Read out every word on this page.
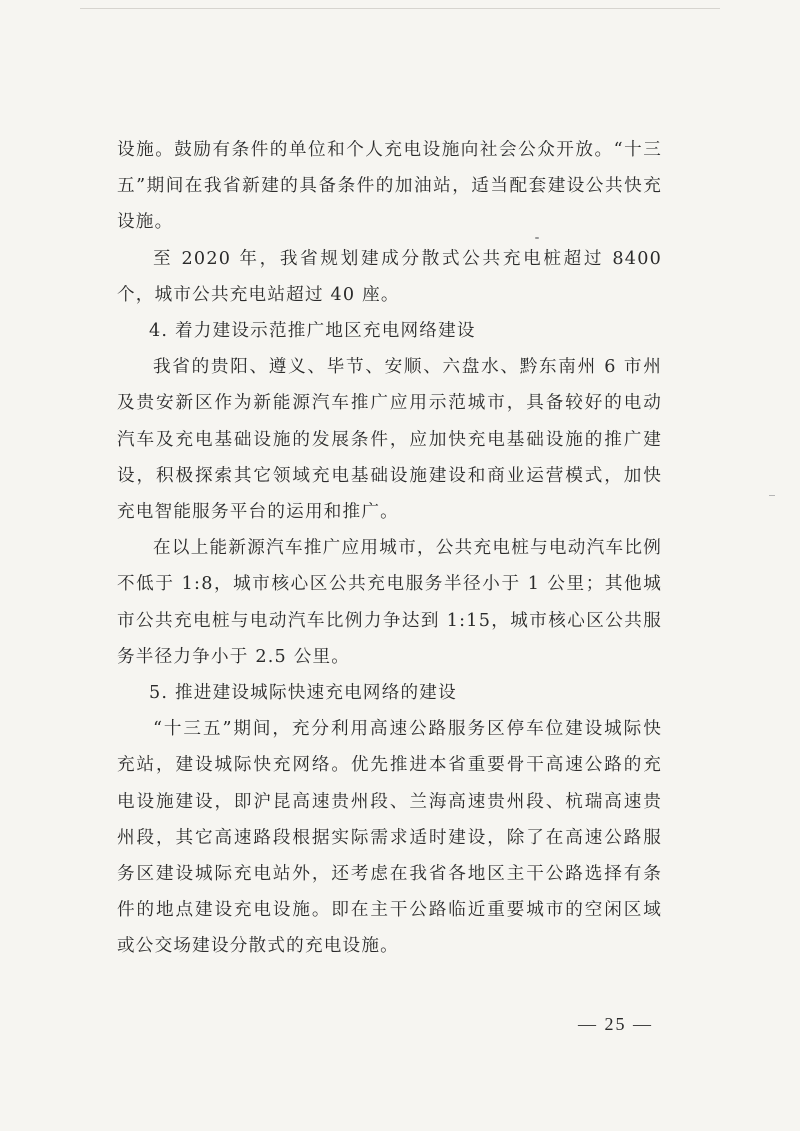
设施。鼓励有条件的单位和个人充电设施向社会公众开放。“十三五”期间在我省新建的具备条件的加油站，适当配套建设公共快充设施。

至 2020 年，我省规划建成分散式公共充电桩超过 8400 个，城市公共充电站超过 40 座。

4. 着力建设示范推广地区充电网络建设

我省的贵阳、遵义、毕节、安顺、六盘水、黔东南州 6 市州及贵安新区作为新能源汽车推广应用示范城市，具备较好的电动汽车及充电基础设施的发展条件，应加快充电基础设施的推广建设，积极探索其它领域充电基础设施建设和商业运营模式，加快充电智能服务平台的运用和推广。

在以上能新源汽车推广应用城市，公共充电桩与电动汽车比例不低于 1:8，城市核心区公共充电服务半径小于 1 公里；其他城市公共充电桩与电动汽车比例力争达到 1:15，城市核心区公共服务半径力争小于 2.5 公里。

5. 推进建设城际快速充电网络的建设

“十三五”期间，充分利用高速公路服务区停车位建设城际快充站，建设城际快充网络。优先推进本省重要骨干高速公路的充电设施建设，即沪昆高速贵州段、兰海高速贵州段、杭瑞高速贵州段，其它高速路段根据实际需求适时建设，除了在高速公路服务区建设城际充电站外，还考虑在我省各地区主干公路选择有条件的地点建设充电设施。即在主干公路临近重要城市的空闲区域或公交场建设分散式的充电设施。

— 25 —
